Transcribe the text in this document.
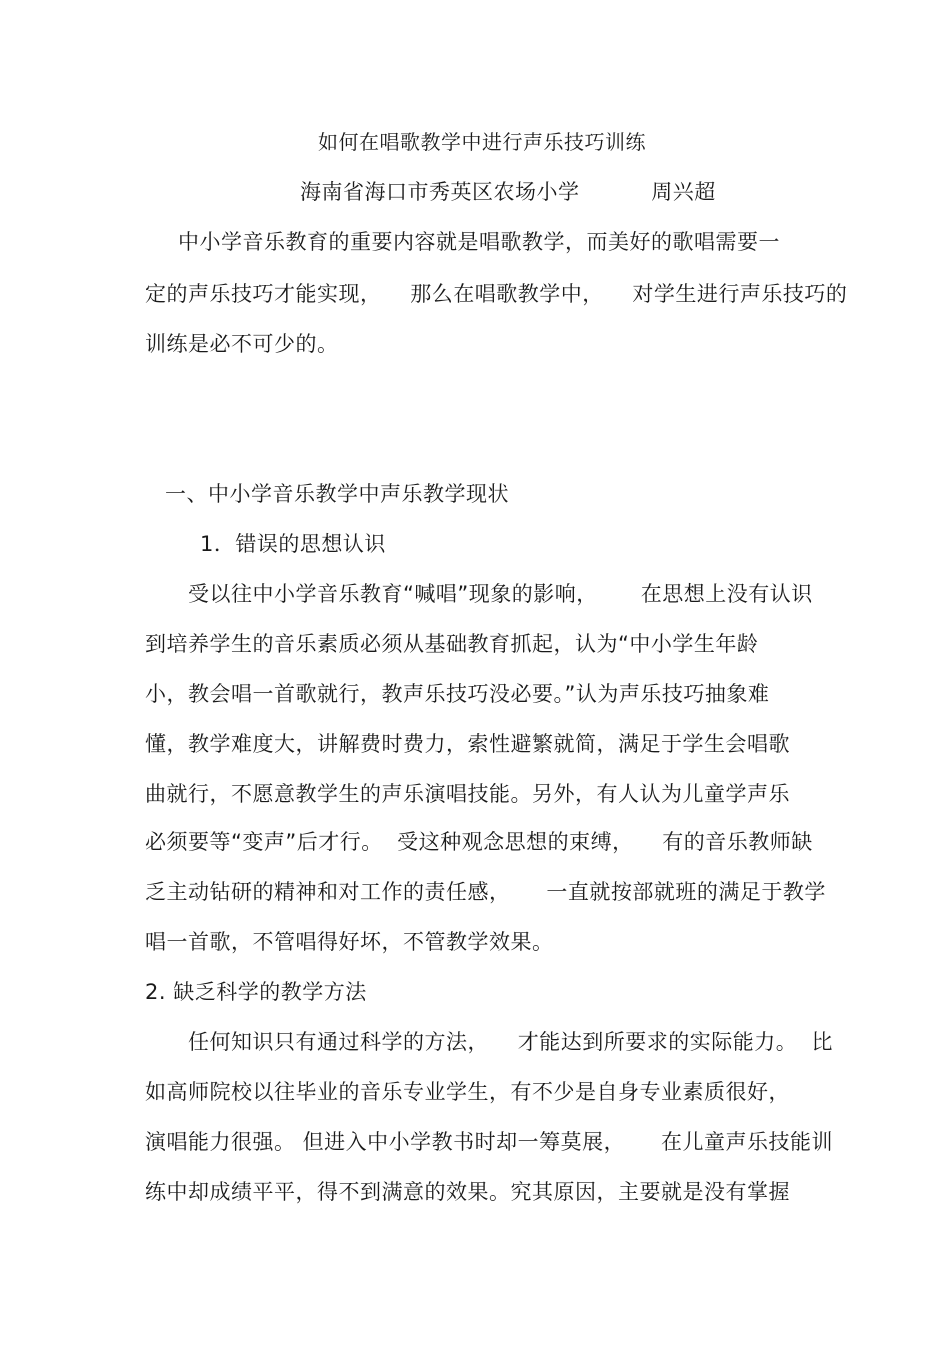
如何在唱歌教学中进行声乐技巧训练
海南省海口市秀英区农场小学          周兴超
中小学音乐教育的重要内容就是唱歌教学，而美好的歌唱需要一
定的声乐技巧才能实现，    那么在唱歌教学中，    对学生进行声乐技巧的
训练是必不可少的。
一、中小学音乐教学中声乐教学现状
1．错误的思想认识
受以往中小学音乐教育“喊唱”现象的影响，      在思想上没有认识
到培养学生的音乐素质必须从基础教育抓起，认为“中小学生年龄
小，教会唱一首歌就行，教声乐技巧没必要。”认为声乐技巧抽象难
懂，教学难度大，讲解费时费力，索性避繁就简，满足于学生会唱歌
曲就行，不愿意教学生的声乐演唱技能。另外，有人认为儿童学声乐
必须要等“变声”后才行。  受这种观念思想的束缚，    有的音乐教师缺
乏主动钻研的精神和对工作的责任感，     一直就按部就班的满足于教学
唱一首歌，不管唱得好坏，不管教学效果。
2. 缺乏科学的教学方法
任何知识只有通过科学的方法，    才能达到所要求的实际能力。  比
如高师院校以往毕业的音乐专业学生，有不少是自身专业素质很好，
演唱能力很强。 但进入中小学教书时却一筹莫展，     在儿童声乐技能训
练中却成绩平平，得不到满意的效果。究其原因，主要就是没有掌握
